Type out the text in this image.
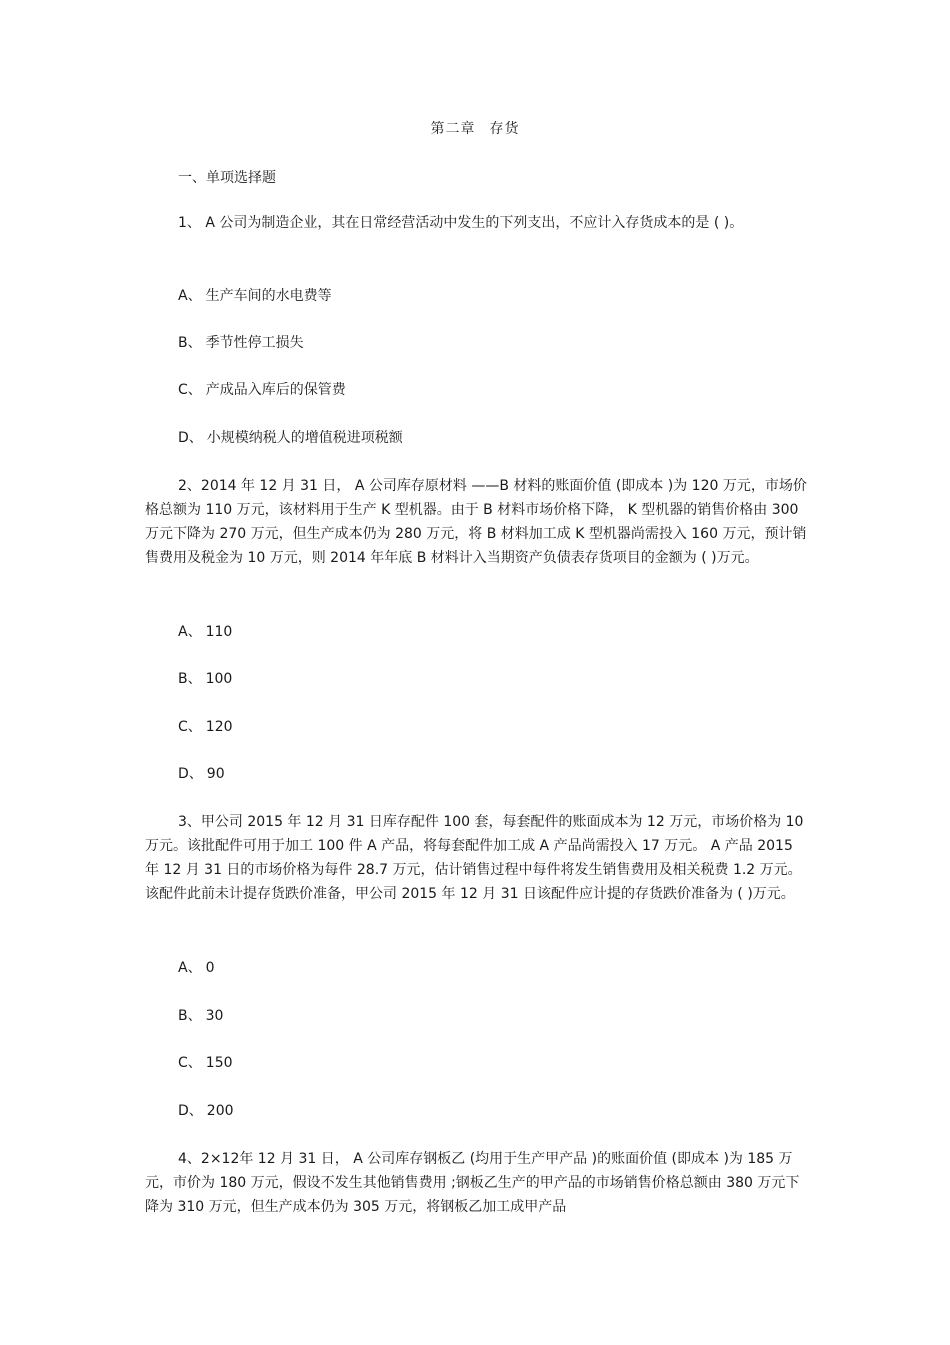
第二章 存货
一、单项选择题
1、 A 公司为制造企业，其在日常经营活动中发生的下列支出，不应计入存货成本的是 ( )。
A、 生产车间的水电费等
B、 季节性停工损失
C、 产成品入库后的保管费
D、 小规模纳税人的增值税进项税额
2、2014 年 12 月 31 日， A 公司库存原材料 ——B 材料的账面价值 (即成本 )为 120 万元，市场价格总额为 110 万元，该材料用于生产 K 型机器。由于 B 材料市场价格下降， K 型机器的销售价格由 300 万元下降为 270 万元，但生产成本仍为 280 万元，将 B 材料加工成 K 型机器尚需投入 160 万元，预计销售费用及税金为 10 万元，则 2014 年年底 B 材料计入当期资产负债表存货项目的金额为 ( )万元。
A、 110
B、 100
C、 120
D、 90
3、甲公司 2015 年 12 月 31 日库存配件 100 套，每套配件的账面成本为 12 万元，市场价格为 10 万元。该批配件可用于加工 100 件 A 产品，将每套配件加工成 A 产品尚需投入 17 万元。 A 产品 2015 年 12 月 31 日的市场价格为每件 28.7 万元，估计销售过程中每件将发生销售费用及相关税费 1.2 万元。该配件此前未计提存货跌价准备，甲公司 2015 年 12 月 31 日该配件应计提的存货跌价准备为 ( )万元。
A、 0
B、 30
C、 150
D、 200
4、2×12年 12 月 31 日， A 公司库存钢板乙 (均用于生产甲产品 )的账面价值 (即成本 )为 185 万元，市价为 180 万元，假设不发生其他销售费用 ;钢板乙生产的甲产品的市场销售价格总额由 380 万元下降为 310 万元，但生产成本仍为 305 万元，将钢板乙加工成甲产品
